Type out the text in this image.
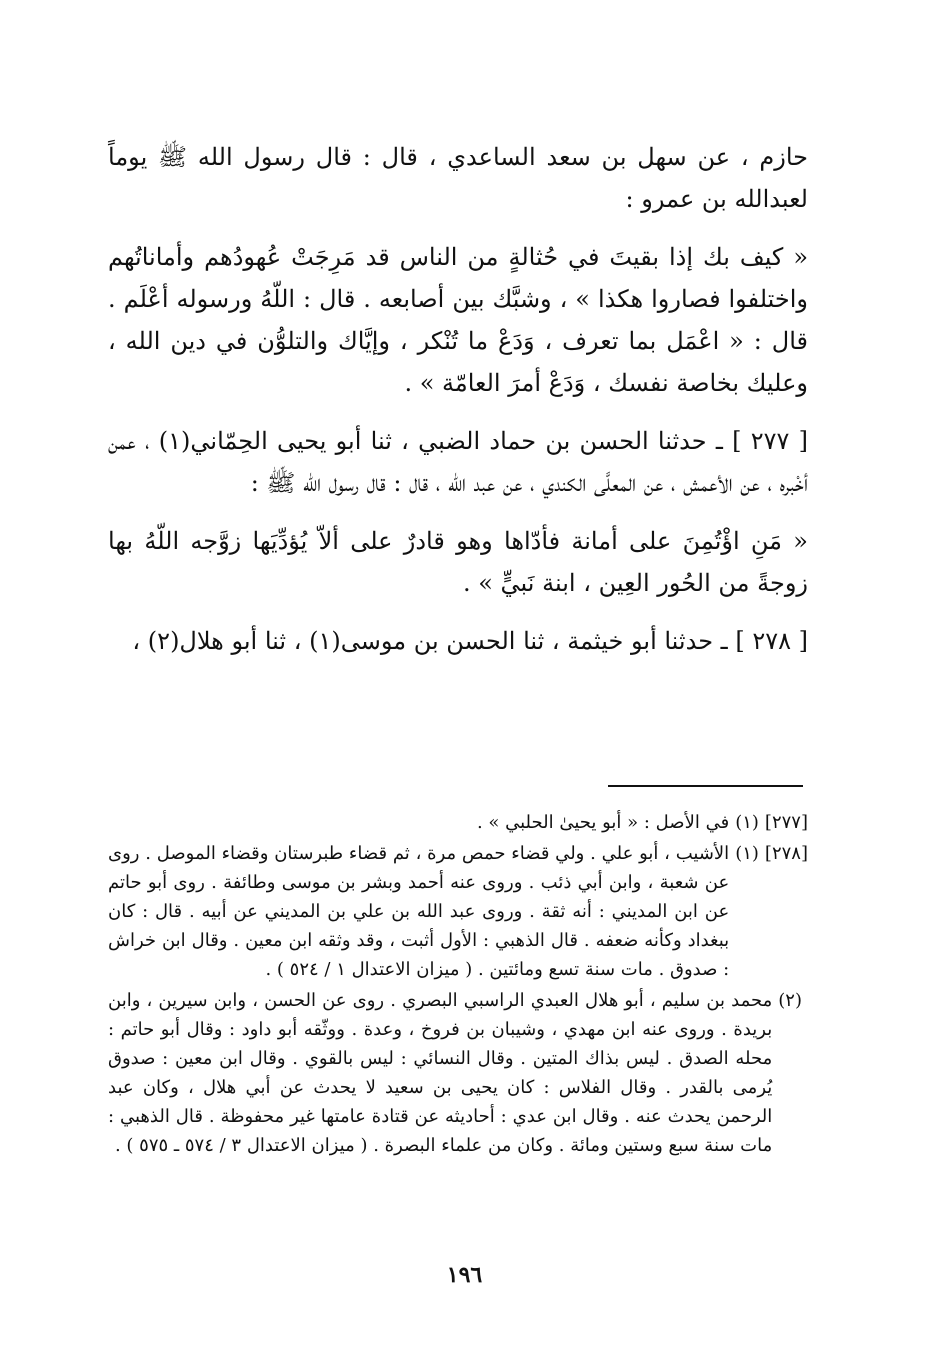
حازم ، عن سهل بن سعد الساعدي ، قال : قال رسول الله ﷺ يوماً لعبدالله بن عمرو :

« كيف بك إذا بقيتَ في حُثالةٍ من الناس قد مَرِجَتْ عُهودُهم وأماناتُهم واختلفوا فصاروا هكذا » ، وشبَّك بين أصابعه . قال : اللّهُ ورسوله أعْلَم . قال : « اعْمَل بما تعرف ، وَدَعْ ما تُنْكر ، وإيَّاك والتلوُّن في دين الله ، وعليك بخاصة نفسك ، وَدَعْ أمرَ العامّة » .

[ ٢٧٧ ] ـ حدثنا الحسن بن حماد الضبي ، ثنا أبو يحيى الحِمّاني(١) ، عمن أخْبره ، عن الأعمش ، عن المعلَّى الكندي ، عن عبد الله ، قال : قال رسول الله ﷺ :

« مَنِ اؤْتُمِنَ على أمانة فأدّاها وهو قادرٌ على ألاّ يُؤدِّيَها زوَّجه اللّهُ بها زوجةً من الحُور العِين ، ابنة نَبيٍّ » .

[ ٢٧٨ ] ـ حدثنا أبو خيثمة ، ثنا الحسن بن موسى(١) ، ثنا أبو هلال(٢) ،

[٢٧٧]
(١)
في الأصل : « أبو يحيىٰ الحلبي » .
[٢٧٨]
(١)
الأشيب ، أبو علي . ولي قضاء حمص مرة ، ثم قضاء طبرستان وقضاء الموصل . روى عن شعبة ، وابن أبي ذئب . وروى عنه أحمد وبشر بن موسى وطائفة . روى أبو حاتم عن ابن المديني : أنه ثقة . وروى عبد الله بن علي بن المديني عن أبيه . قال : كان ببغداد وكأنه ضعفه . قال الذهبي : الأول أثبت ، وقد وثقه ابن معين . وقال ابن خراش : صدوق . مات سنة تسع ومائتين . ( ميزان الاعتدال ١ / ٥٢٤ ) .
(٢)
محمد بن سليم ، أبو هلال العبدي الراسبي البصري . روى عن الحسن ، وابن سيرين ، وابن بريدة . وروى عنه ابن مهدي ، وشيبان بن فروخ ، وعدة . ووثّقه أبو داود : وقال أبو حاتم : محله الصدق . ليس بذاك المتين . وقال النسائي : ليس بالقوي . وقال ابن معين : صدوق يُرمى بالقدر . وقال الفلاس : كان يحيى بن سعيد لا يحدث عن أبي هلال ، وكان عبد الرحمن يحدث عنه . وقال ابن عدي : أحاديثه عن قتادة عامتها غير محفوظة . قال الذهبي : مات سنة سبع وستين ومائة . وكان من علماء البصرة . ( ميزان الاعتدال ٣ / ٥٧٤ ـ ٥٧٥ ) .
١٩٦
